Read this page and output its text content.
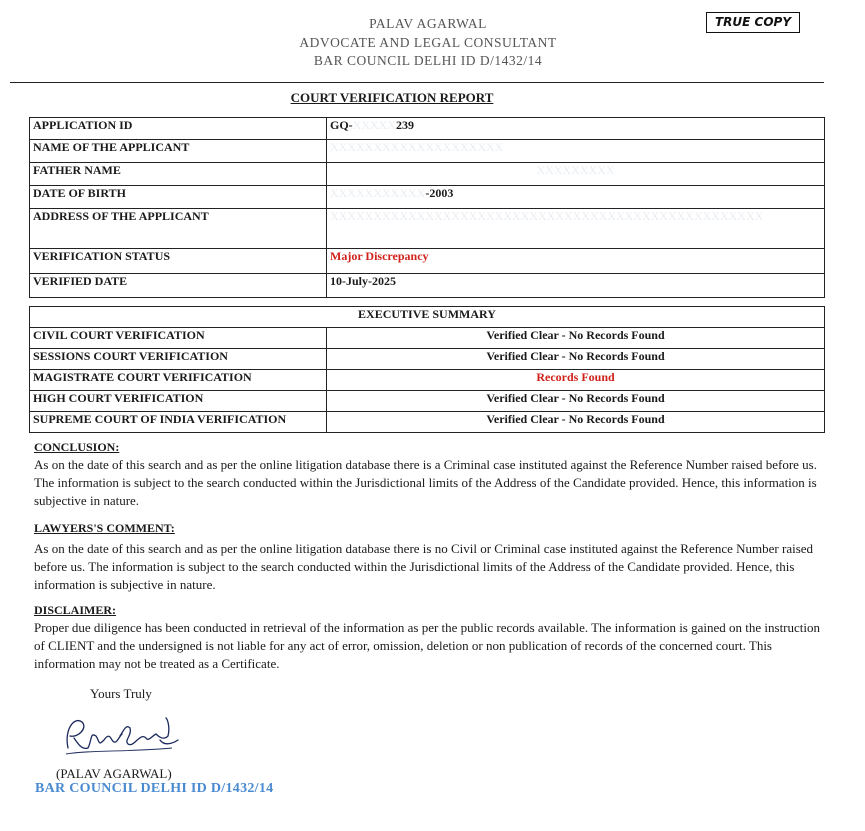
PALAV AGARWAL
ADVOCATE AND LEGAL CONSULTANT
BAR COUNCIL DELHI ID D/1432/14
TRUE COPY
COURT VERIFICATION REPORT
APPLICATION ID	GQ-XXXXX239
NAME OF THE APPLICANT	XXXXXXXXXXXXXXXXXXXX
FATHER NAME	XXXXXXXXX
DATE OF BIRTH	XXXXXXXXXXX-2003
ADDRESS OF THE APPLICANT	XXXXXXXXXXXXXXXXXXXXXXXXXXXXXXXXXXXXXXXXXXXXXXXXXX
VERIFICATION STATUS	Major Discrepancy
VERIFIED DATE	10-July-2025
EXECUTIVE SUMMARY	
CIVIL COURT VERIFICATION	Verified Clear - No Records Found
SESSIONS COURT VERIFICATION	Verified Clear - No Records Found
MAGISTRATE COURT VERIFICATION	Records Found
HIGH COURT VERIFICATION	Verified Clear - No Records Found
SUPREME COURT OF INDIA VERIFICATION	Verified Clear - No Records Found
CONCLUSION:
As on the date of this search and as per the online litigation database there is a Criminal case instituted against the Reference Number raised before us. The information is subject to the search conducted within the Jurisdictional limits of the Address of the Candidate provided. Hence, this information is subjective in nature.
LAWYERS'S COMMENT:
As on the date of this search and as per the online litigation database there is no Civil or Criminal case instituted against the Reference Number raised before us. The information is subject to the search conducted within the Jurisdictional limits of the Address of the Candidate provided. Hence, this information is subjective in nature.
DISCLAIMER:
Proper due diligence has been conducted in retrieval of the information as per the public records available. The information is gained on the instruction of CLIENT and the undersigned is not liable for any act of error, omission, deletion or non publication of records of the concerned court. This information may not be treated as a Certificate.
Yours Truly
(PALAV AGARWAL)
BAR COUNCIL DELHI ID D/1432/14
